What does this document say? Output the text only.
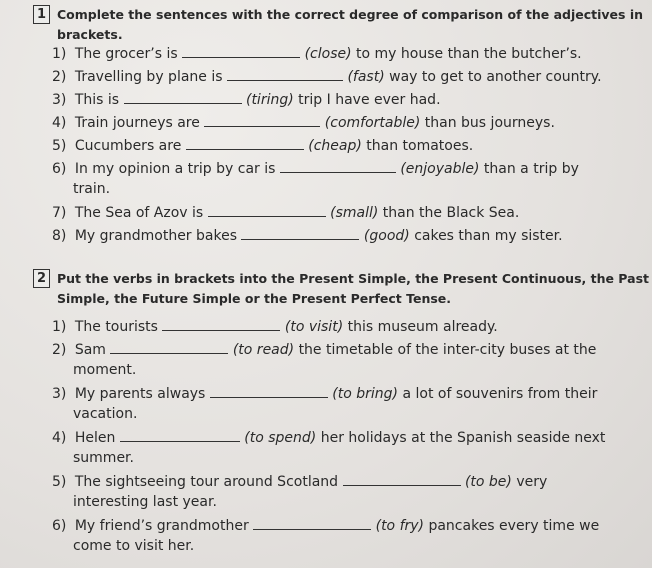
1 Complete the sentences with the correct degree of comparison of the adjectives in brackets.
1) The grocer’s is	(close) to my house than the butcher’s.
2) Travelling by plane is	(fast) way to get to another country.
3) This is	(tiring) trip I have ever had.
4) Train journeys are	(comfortable) than bus journeys.
5) Cucumbers are	(cheap) than tomatoes.
6) In my opinion a trip by car is	(enjoyable) than a trip by
train.
7) The Sea of Azov is	(small) than the Black Sea.
8) My grandmother bakes	(good) cakes than my sister.
2 Put the verbs in brackets into the Present Simple, the Present Continuous, the Past
Simple, the Future Simple or the Present Perfect Tense.
1) The tourists	(to visit) this museum already.
2) Sam	(to read) the timetable of the inter-city buses at the
moment.
3) My parents always	(to bring) a lot of souvenirs from their
vacation.
4) Helen	(to spend) her holidays at the Spanish seaside next
summer.
5) The sightseeing tour around Scotland	(to be) very
interesting last year.
6) My friend’s grandmother	(to fry) pancakes every time we
come to visit her.
